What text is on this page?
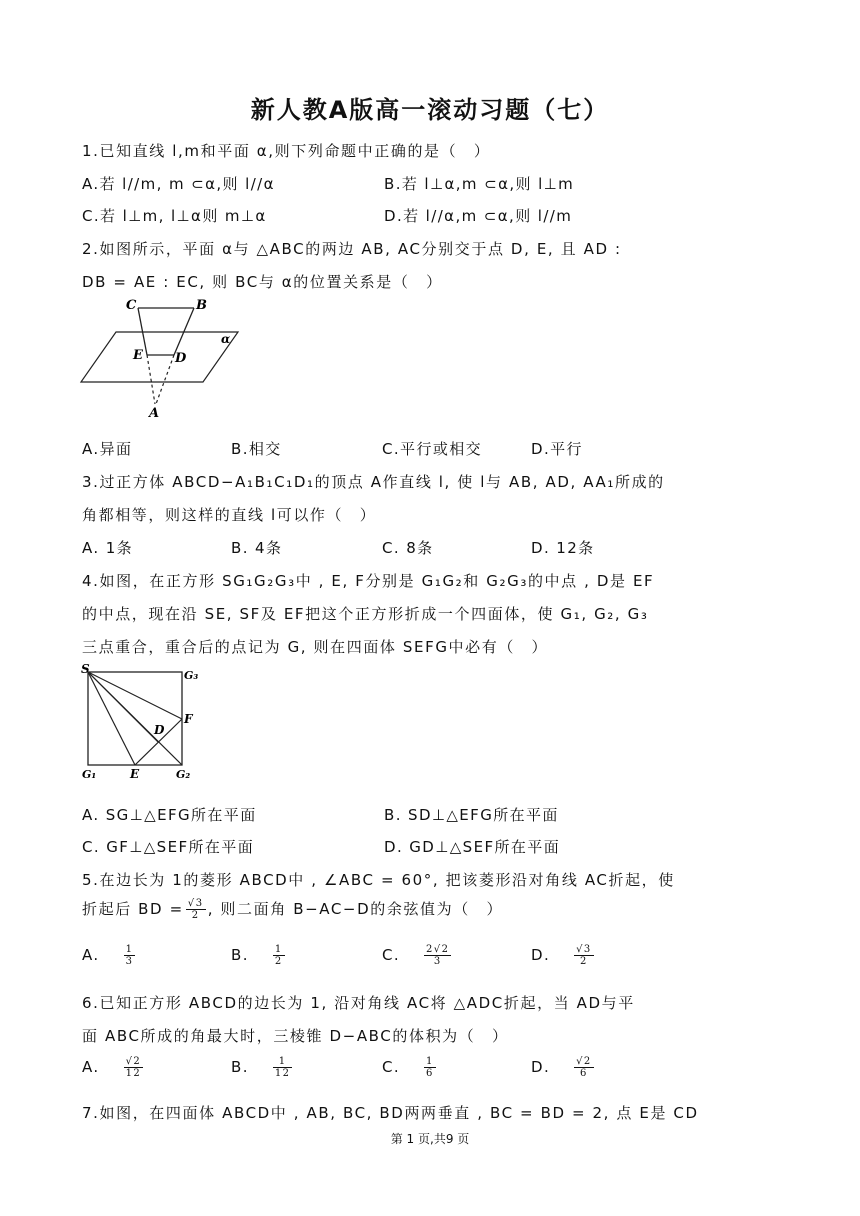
新人教A版高一滚动习题（七）
1.已知直线 l,m和平面 α,则下列命题中正确的是（　）
A.若 l//m, m ⊂α,则 l//α	B.若 l⊥α,m ⊂α,则 l⊥m
C.若 l⊥m, l⊥α则 m⊥α	D.若 l//α,m ⊂α,则 l//m
2.如图所示，平面 α与 △ABC的两边 AB, AC分别交于点 D, E, 且 AD :
DB = AE : EC, 则 BC与 α的位置关系是（　）
C	B
α
E D
A
A.异面	B.相交	C.平行或相交	D.平行
3.过正方体 ABCD−A₁B₁C₁D₁的顶点 A作直线 l, 使 l与 AB, AD, AA₁所成的
角都相等，则这样的直线 l可以作（　）
A. 1条	B. 4条	C. 8条	D. 12条
4.如图，在正方形 SG₁G₂G₃中 , E, F分别是 G₁G₂和 G₂G₃的中点 , D是 EF
的中点，现在沿 SE, SF及 EF把这个正方形折成一个四面体，使 G₁, G₂, G₃
三点重合，重合后的点记为 G, 则在四面体 SEFG中必有（　）
S	G₃
F
D
G₁	E	G₂
A. SG⊥△EFG所在平面	B. SD⊥△EFG所在平面
C. GF⊥△SEF所在平面	D. GD⊥△SEF所在平面
5.在边长为 1的菱形 ABCD中 , ∠ABC = 60°, 把该菱形沿对角线 AC折起，使
折起后 BD = $\frac{√3}{2}$ , 则二面角 B−AC−D的余弦值为（　）
A. $\frac{1}{3}$	B. $\frac{1}{2}$	C. $\frac{2√2}{3}$	D. $\frac{√3}{2}$
6.已知正方形 ABCD的边长为 1, 沿对角线 AC将 △ADC折起，当 AD与平
面 ABC所成的角最大时，三棱锥 D−ABC的体积为（　）
A. $\frac{√2}{12}$	B. $\frac{1}{12}$	C. $\frac{1}{6}$	D. $\frac{√2}{6}$
7.如图，在四面体 ABCD中 , AB, BC, BD两两垂直 , BC = BD = 2, 点 E是 CD
第 1 页,共9 页
